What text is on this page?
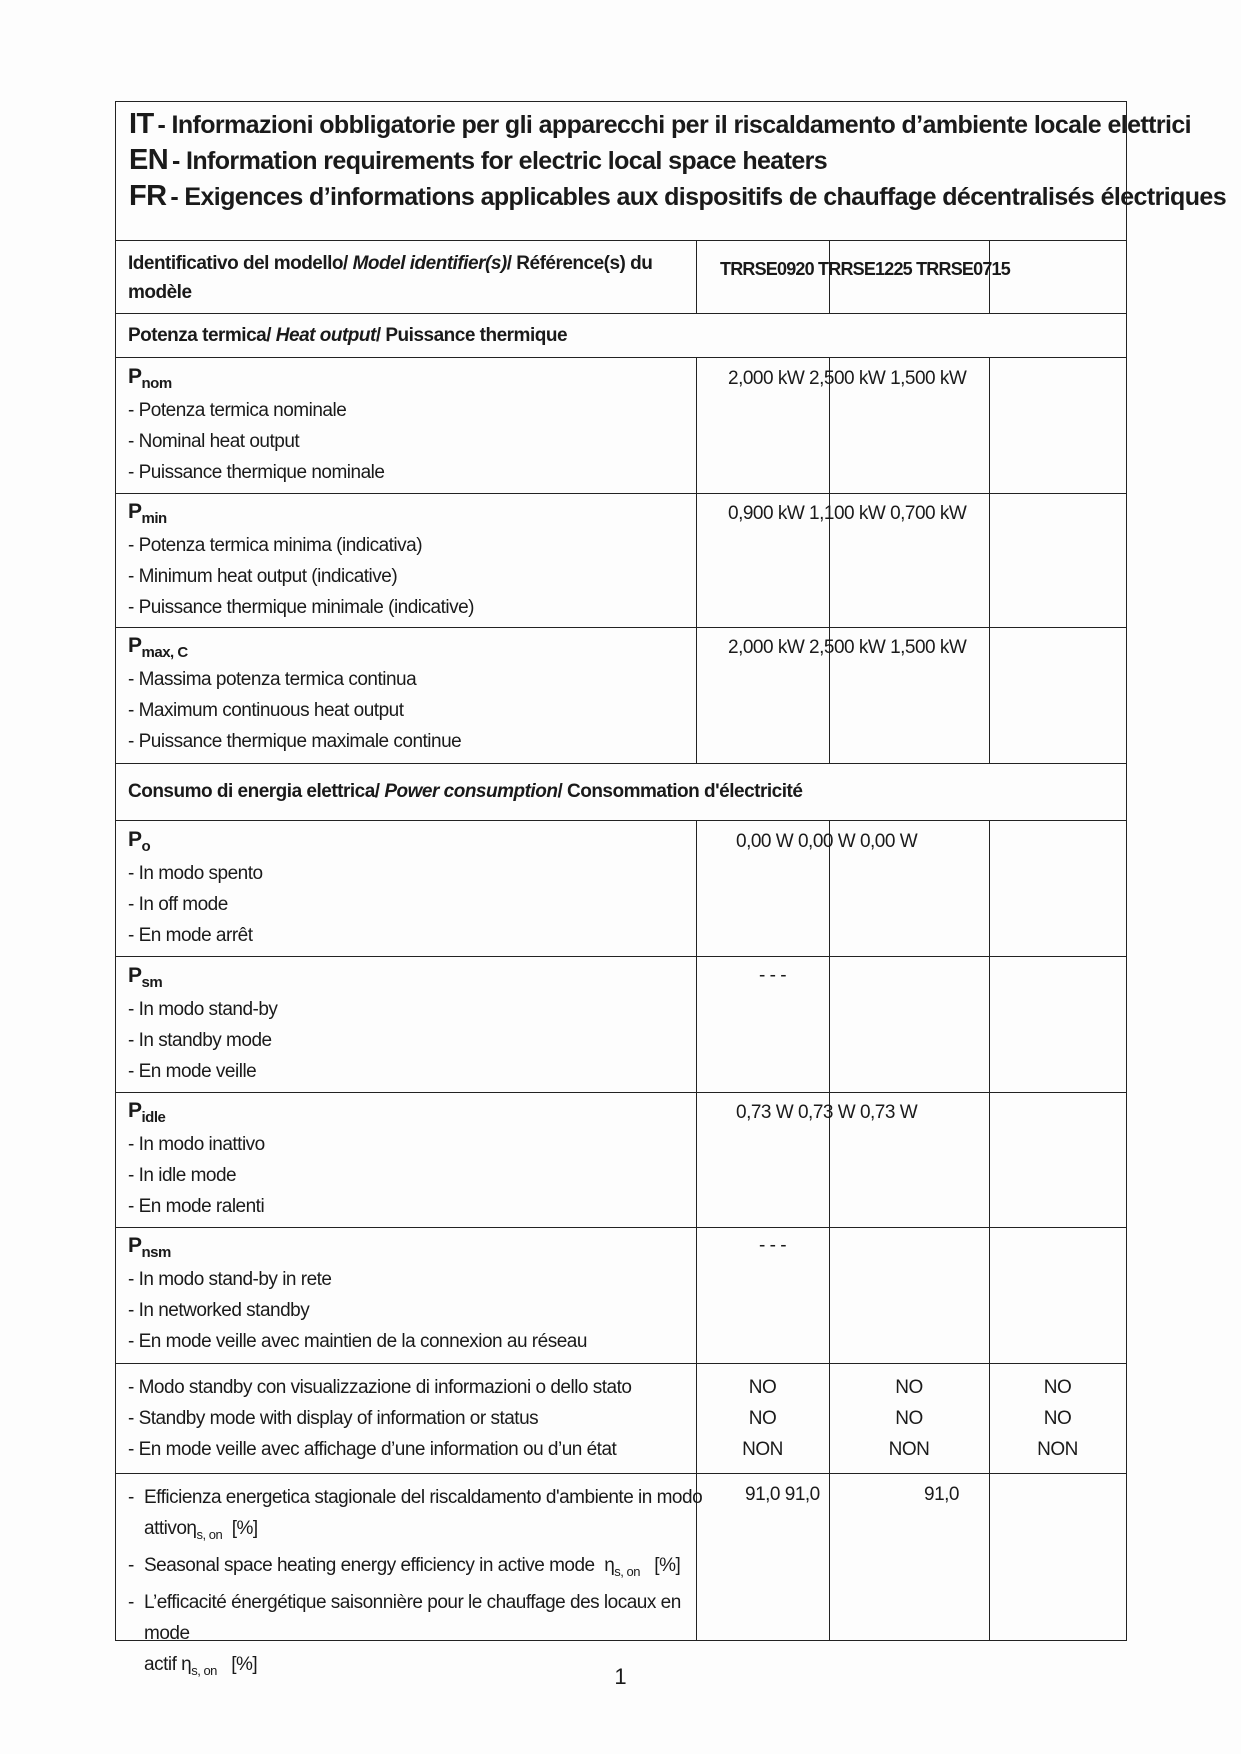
IT - Informazioni obbligatorie per gli apparecchi per il riscaldamento d’ambiente locale elettrici
EN - Information requirements for electric local space heaters
FR - Exigences d’informations applicables aux dispositifs de chauffage décentralisés électriques
Identificativo del modello/ Model identifier(s)/ Référence(s) du
modèle
TRRSE0920 TRRSE1225 TRRSE0715
Potenza termica/ Heat output/ Puissance thermique
$P_{nom}$
- Potenza termica nominale
- Nominal heat output
- Puissance thermique nominale
2,000 kW 2,500 kW 1,500 kW
$P_{min}$
- Potenza termica minima (indicativa)
- Minimum heat output (indicative)
- Puissance thermique minimale (indicative)
0,900 kW 1,100 kW 0,700 kW
$P_{max, C}$
- Massima potenza termica continua
- Maximum continuous heat output
- Puissance thermique maximale continue
2,000 kW 2,500 kW 1,500 kW
Consumo di energia elettrica/ Power consumption/ Consommation d'électricité
$P_o$
- In modo spento
- In off mode
- En mode arrêt
0,00 W 0,00 W 0,00 W
$P_{sm}$
- In modo stand-by
- In standby mode
- En mode veille
- - -
$P_{idle}$
- In modo inattivo
- In idle mode
- En mode ralenti
0,73 W 0,73 W 0,73 W
$P_{nsm}$
- In modo stand-by in rete
- In networked standby
- En mode veille avec maintien de la connexion au réseau
- - -
- Modo standby con visualizzazione di informazioni o dello stato
- Standby mode with display of information or status
- En mode veille avec affichage d’une information ou d’un état
NO
NO
NON
NO
NO
NON
NO
NO
NON
- Efficienza energetica stagionale del riscaldamento d'ambiente in modo
attivoη$_{s, on}$ [%]
- Seasonal space heating energy efficiency in active mode $\eta_{s, on}$ [%]
- L’efficacité énergétique saisonnière pour le chauffage des locaux en mode
actif $\eta_{s, on}$ [%]
91,0 91,0	91,0
1
